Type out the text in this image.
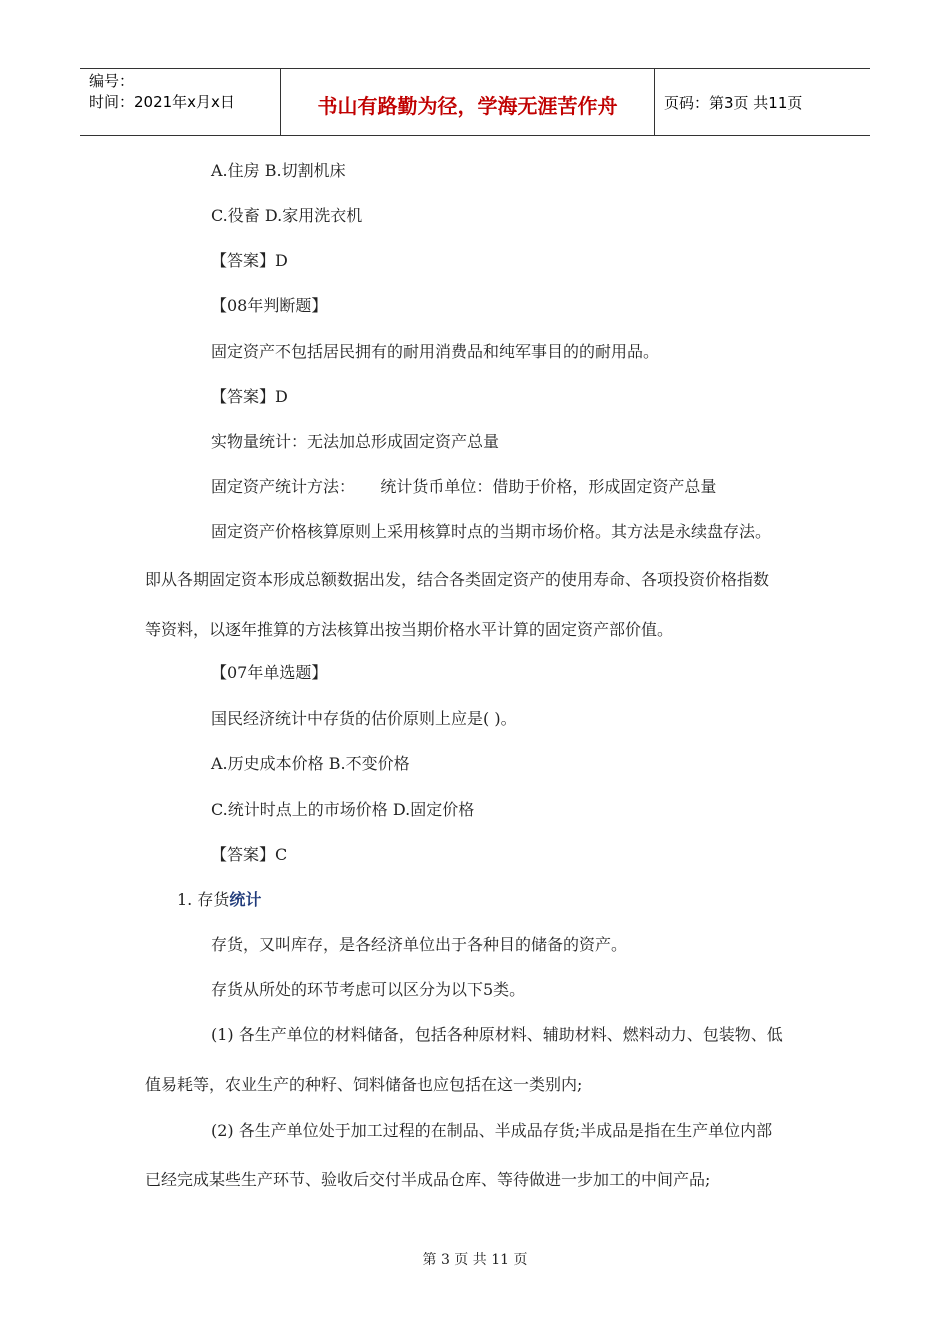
编号：
时间：2021年x月x日	书山有路勤为径，学海无涯苦作舟	页码：第3页 共11页
A.住房 B.切割机床
C.役畜 D.家用洗衣机
【答案】D
【08年判断题】
固定资产不包括居民拥有的耐用消费品和纯军事目的的耐用品。
【答案】D
实物量统计：无法加总形成固定资产总量
固定资产统计方法：     统计货币单位：借助于价格，形成固定资产总量
固定资产价格核算原则上采用核算时点的当期市场价格。其方法是永续盘存法。
即从各期固定资本形成总额数据出发，结合各类固定资产的使用寿命、各项投资价格指数
等资料，以逐年推算的方法核算出按当期价格水平计算的固定资产部价值。
【07年单选题】
国民经济统计中存货的估价原则上应是( )。
A.历史成本价格 B.不变价格
C.统计时点上的市场价格 D.固定价格
【答案】C
1. 存货统计
存货，又叫库存，是各经济单位出于各种目的储备的资产。
存货从所处的环节考虑可以区分为以下5类。
(1) 各生产单位的材料储备，包括各种原材料、辅助材料、燃料动力、包装物、低
值易耗等，农业生产的种籽、饲料储备也应包括在这一类别内;
(2) 各生产单位处于加工过程的在制品、半成品存货;半成品是指在生产单位内部
已经完成某些生产环节、验收后交付半成品仓库、等待做进一步加工的中间产品;
第 3 页 共 11 页
